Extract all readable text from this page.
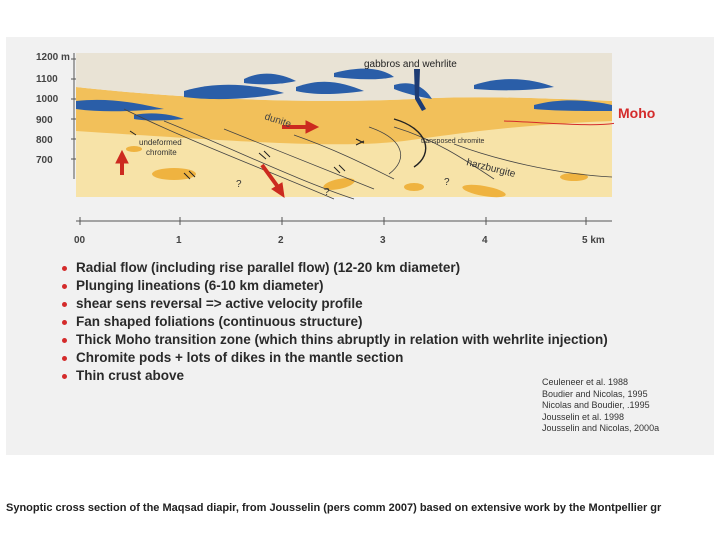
1200 m
1100
1000
900
800
700
gabbros and wehrlite
dunite
undeformed
chromite
transposed chromite
harzburgite
?
?
?
00	1	2	3	4	5 km
Moho
Radial flow (including rise parallel flow) (12-20 km diameter)
Plunging lineations (6-10 km diameter)
shear sens reversal => active velocity profile
Fan shaped foliations (continuous structure)
Thick Moho transition zone (which thins abruptly in relation with wehrlite injection)
Chromite pods + lots of dikes in the mantle section
Thin crust above	Ceuleneer et al. 1988
Boudier and Nicolas, 1995
Nicolas and Boudier, .1995
Jousselin et al. 1998
Jousselin and Nicolas, 2000a
Synoptic cross section of the Maqsad diapir, from Jousselin (pers comm 2007) based on extensive work by the Montpellier gr
